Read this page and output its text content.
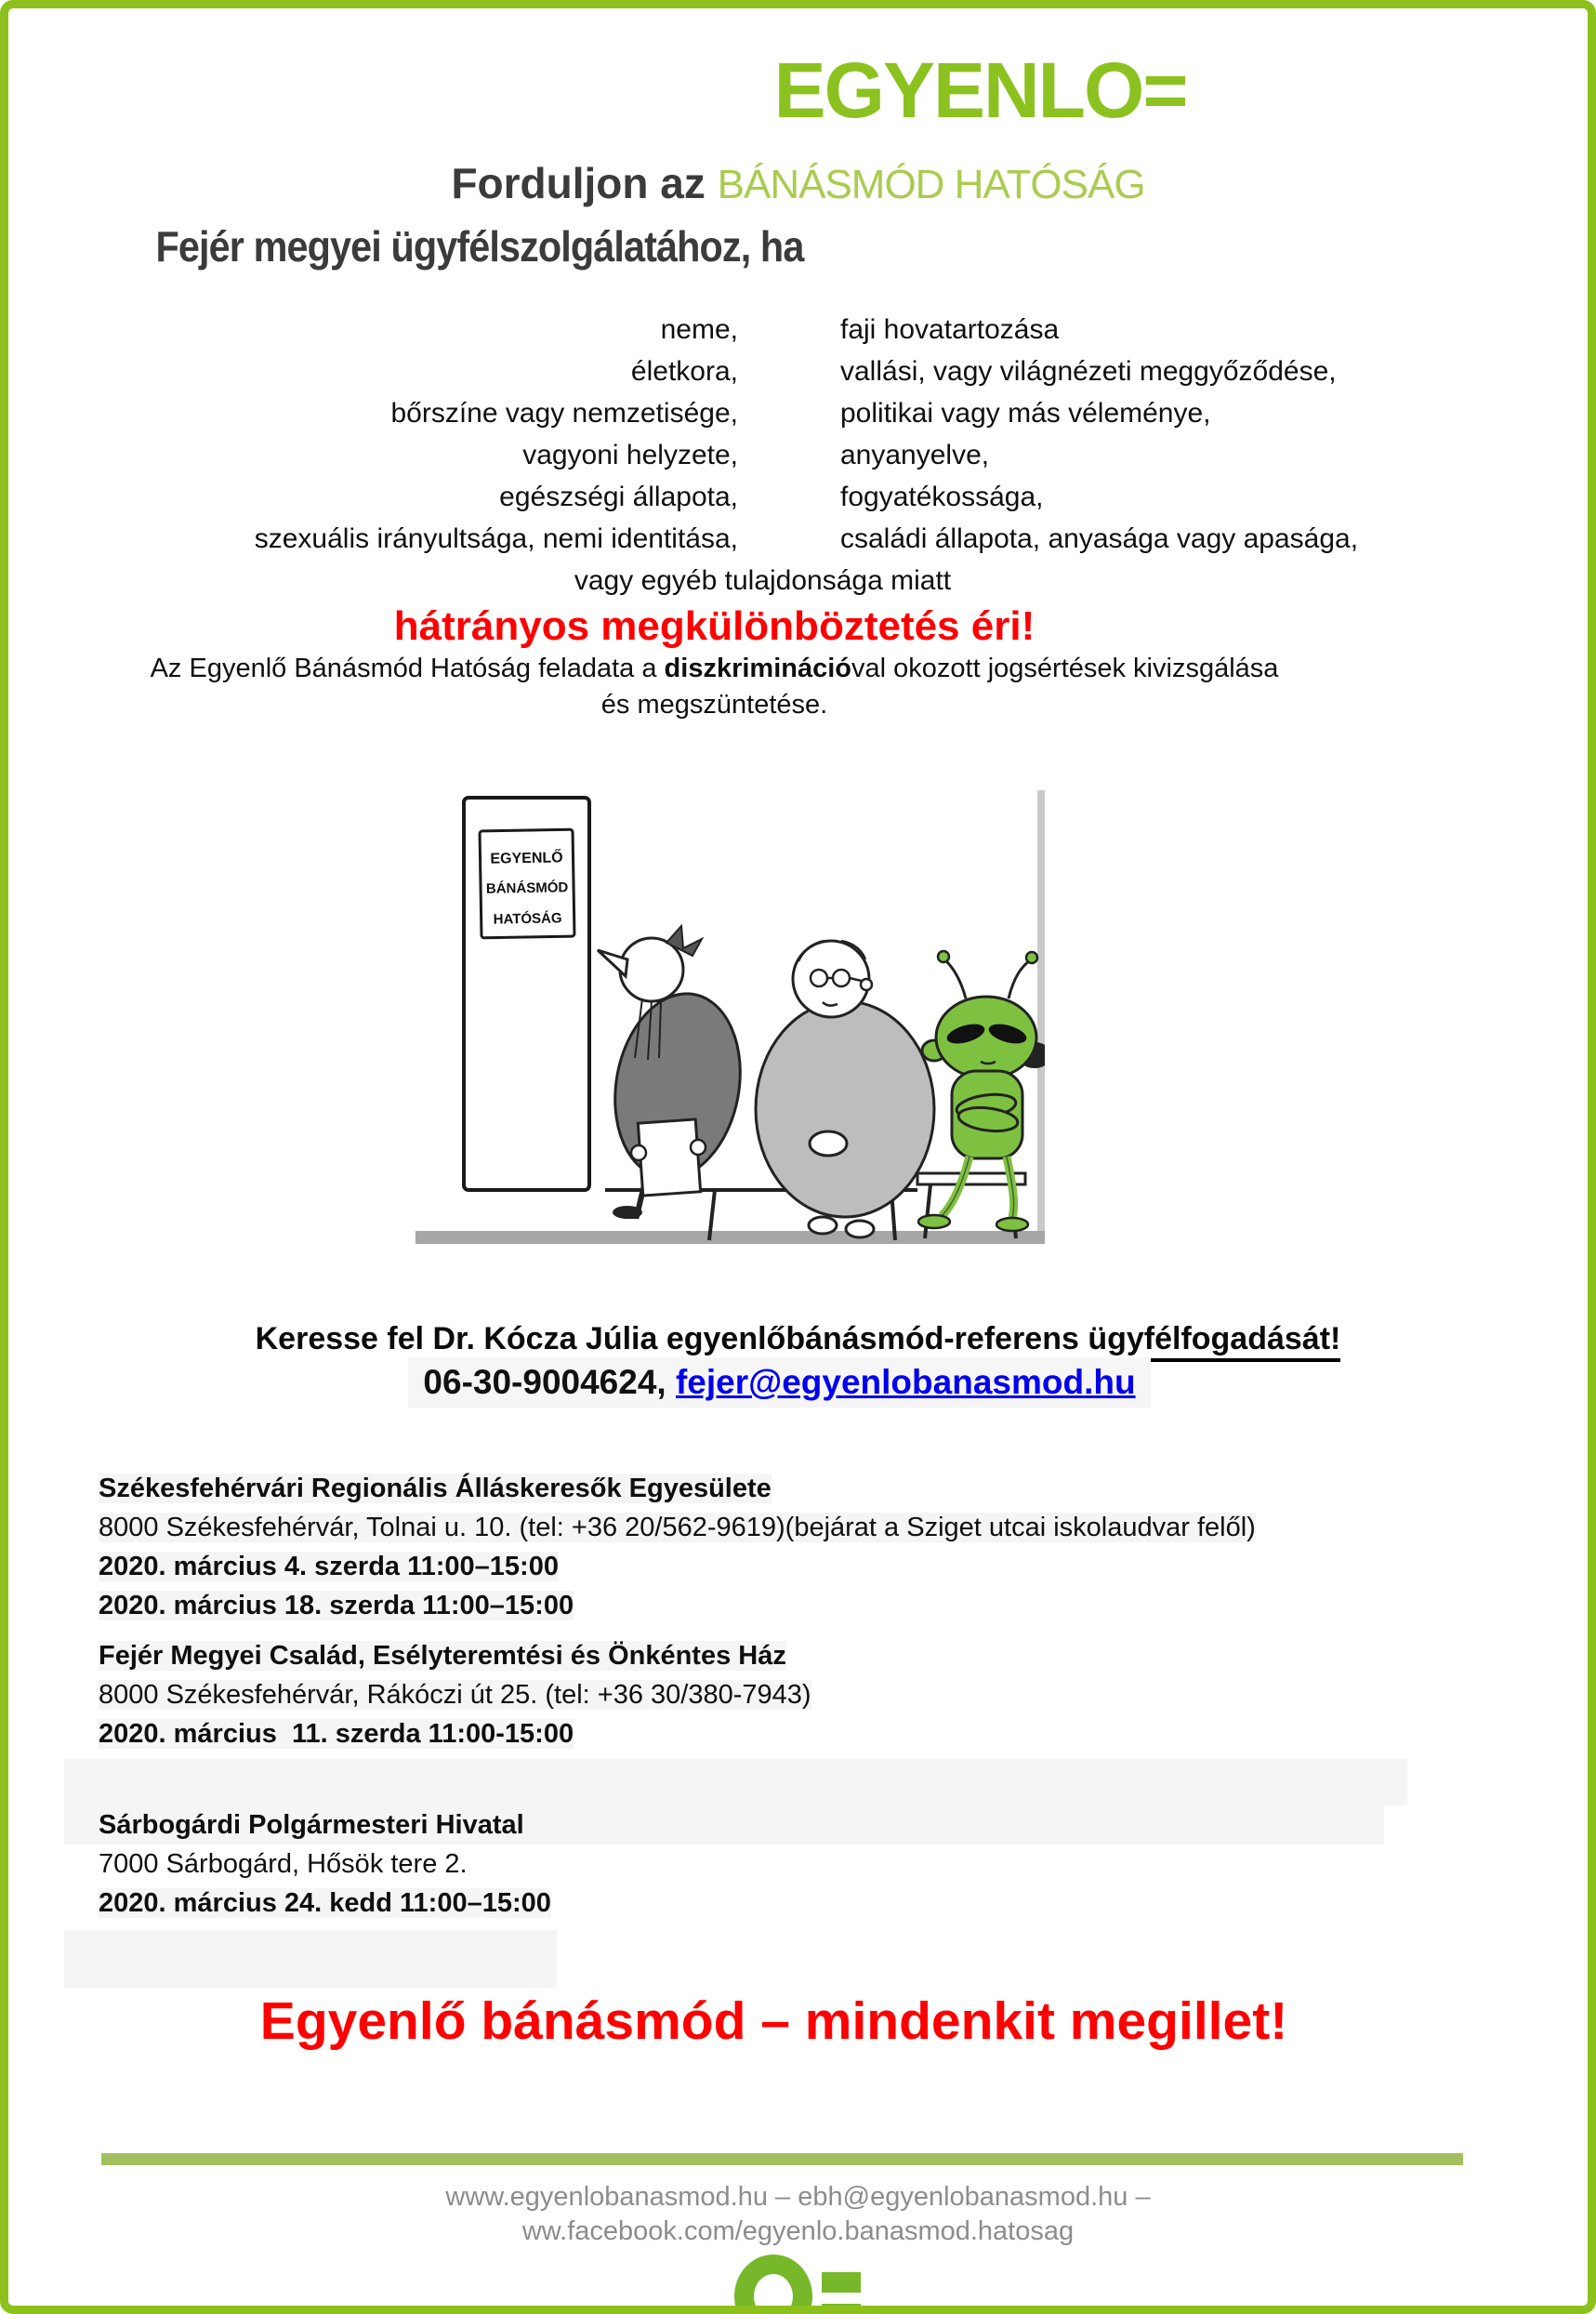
EGYENLO=
Forduljon az BÁNÁSMÓD HATÓSÁG
Fejér megyei ügyfélszolgálatához, ha
neme,	faji hovatartozása
életkora,	vallási, vagy világnézeti meggyőződése,
bőrszíne vagy nemzetisége,	politikai vagy más véleménye,
vagyoni helyzete,	anyanyelve,
egészségi állapota,	fogyatékossága,
szexuális irányultsága, nemi identitása,	családi állapota, anyasága vagy apasága,
vagy egyéb tulajdonsága miatt
hátrányos megkülönböztetés éri!
Az Egyenlő Bánásmód Hatóság feladata a diszkriminációval okozott jogsértések kivizsgálása
és megszüntetése.
EGYENLŐ
BÁNÁSMÓD
HATÓSÁG
Keresse fel Dr. Kócza Júlia egyenlőbánásmód-referens ügyfélfogadását!
06-30-9004624, fejer@egyenlobanasmod.hu
Székesfehérvári Regionális Álláskeresők Egyesülete
8000 Székesfehérvár, Tolnai u. 10. (tel: +36 20/562-9619)(bejárat a Sziget utcai iskolaudvar felől)
2020. március 4. szerda 11:00–15:00
2020. március 18. szerda 11:00–15:00
Fejér Megyei Család, Esélyteremtési és Önkéntes Ház
8000 Székesfehérvár, Rákóczi út 25. (tel: +36 30/380-7943)
2020. március  11. szerda 11:00-15:00
Sárbogárdi Polgármesteri Hivatal
7000 Sárbogárd, Hősök tere 2.
2020. március 24. kedd 11:00–15:00
Egyenlő bánásmód – mindenkit megillet!
www.egyenlobanasmod.hu – ebh@egyenlobanasmod.hu –
ww.facebook.com/egyenlo.banasmod.hatosag
